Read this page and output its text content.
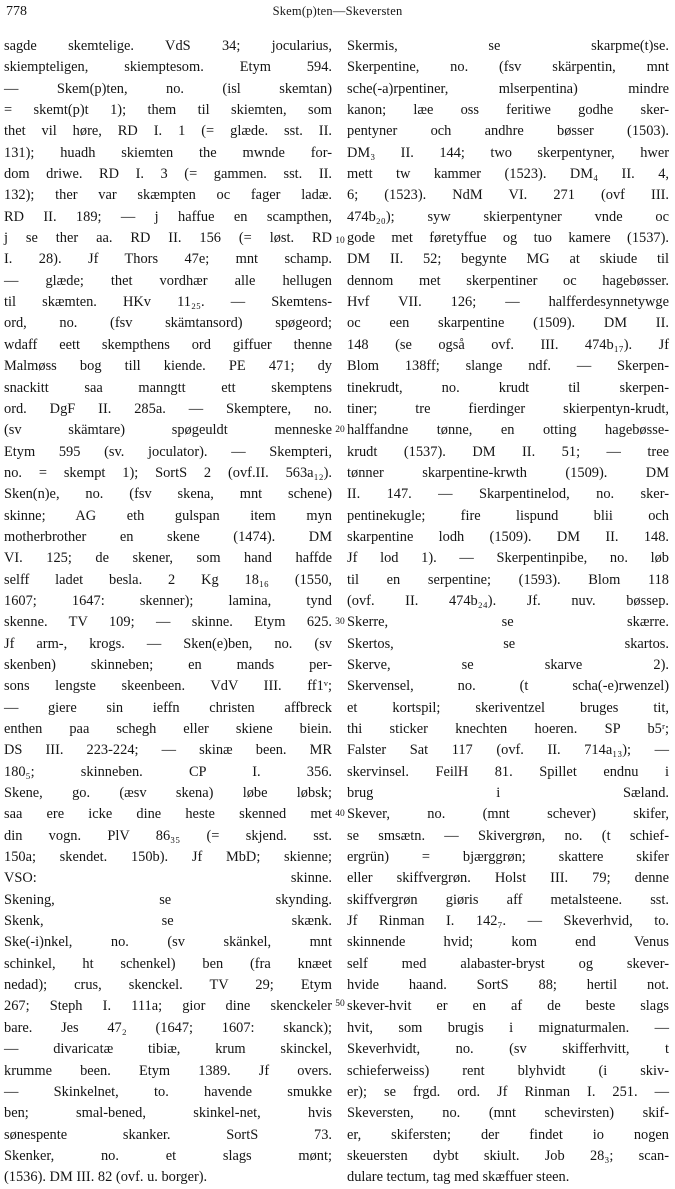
778	Skem(p)ten—Skeversten
sagde skemtelige. VdS 34; jocularius,
skiempteligen, skiemptesom. Etym 594.
— Skem(p)ten, no. (isl skemtan)
= skemt(p)t 1); them til skiemten, som
thet vil høre, RD I. 1 (= glæde. sst. II.
131); huadh skiemten the mwnde for-
dom driwe. RD I. 3 (= gammen. sst. II.
132); ther var skæmpten oc fager ladæ.
RD II. 189; — j haffue en scampthen,
j se ther aa. RD II. 156 (= løst. RD
I. 28). Jf Thors 47e; mnt schamp.
— glæde; thet vordhær alle hellugen
til skæmten. HKv 11₂₅. — Skemtens-
ord, no. (fsv skämtansord) spøgeord;
wdaff eett skempthens ord giffuer thenne
Malmøss bog till kiende. PE 471; dy
snackitt saa manngtt ett skemptens
ord. DgF II. 285a. — Skemptere, no.
(sv skämtare) spøgeuldt menneske
Etym 595 (sv. joculator). — Skempteri,
no. = skempt 1); SortS 2 (ovf.II. 563a₁₂).
Sken(n)e, no. (fsv skena, mnt schene)
skinne; AG eth gulspan item myn
motherbrother en skene (1474). DM
VI. 125; de skener, som hand haffde
selff ladet besla. 2 Kg 18₁₆ (1550,
1607; 1647: skenner); lamina, tynd
skenne. TV 109; — skinne. Etym 625.
Jf arm-, krogs. — Sken(e)ben, no. (sv
skenben) skinneben; en mands per-
sons lengste skeenbeen. VdV III. ff1ᵛ;
— giere sin ieffn christen affbreck
enthen paa schegh eller skiene biein.
DS III. 223-224; — skinæ been. MR
180₅; skinneben. CP I. 356.
Skene, go. (æsv skena) løbe løbsk;
saa ere icke dine heste skenned met
din vogn. PlV 86₃₅ (= skjend. sst.
150a; skendet. 150b). Jf MbD; skienne;
VSO: skinne.
Skening, se skynding.
Skenk, se skænk.
Ske(-i)nkel, no. (sv skänkel, mnt
schinkel, ht schenkel) ben (fra knæet
nedad); crus, skenckel. TV 29; Etym
267; Steph I. 111a; gior dine skenckeler
bare. Jes 47₂ (1647; 1607: skanck);
— divaricatæ tibiæ, krum skinckel,
krumme been. Etym 1389. Jf overs.
— Skinkelnet, to. havende smukke
ben; smal-bened, skinkel-net, hvis
sønespente skanker. SortS 73.
Skenker, no. et slags mønt;
(1536). DM III. 82 (ovf. u. borger).
10
20
30
40
50
Skermis, se skarpme(t)se.
Skerpentine, no. (fsv skärpentin, mnt
sche(-a)rpentiner, mlserpentina) mindre
kanon; læe oss feritiwe godhe sker-
pentyner och andhre bøsser (1503).
DM₃ II. 144; two skerpentyner, hwer
mett tw kammer (1523). DM₄ II. 4,
6; (1523). NdM VI. 271 (ovf III.
474b₂₀); syw skierpentyner vnde oc
gode met føretyffue og tuo kamere (1537).
DM II. 52; begynte MG at skiude til
dennom met skerpentiner oc hagebøsser.
Hvf VII. 126; — halfferdesynnetywge
oc een skarpentine (1509). DM II.
148 (se også ovf. III. 474b₁₇). Jf
Blom 138ff; slange ndf. — Skerpen-
tinekrudt, no. krudt til skerpen-
tiner; tre fierdinger skierpentyn-krudt,
halffandne tønne, en otting hagebøsse-
krudt (1537). DM II. 51; — tree
tønner skarpentine-krwth (1509). DM
II. 147. — Skarpentinelod, no. sker-
pentinekugle; fire lispund blii och
skarpentine lodh (1509). DM II. 148.
Jf lod 1). — Skerpentinpibe, no. løb
til en serpentine; (1593). Blom 118
(ovf. II. 474b₂₄). Jf. nuv. bøssep.
Skerre, se skærre.
Skertos, se skartos.
Skerve, se skarve 2).
Skervensel, no. (t scha(-e)rwenzel)
et kortspil; skeriventzel bruges tit,
thi sticker knechten hoeren. SP b5ʳ;
Falster Sat 117 (ovf. II. 714a₁₃); —
skervinsel. FeilH 81. Spillet endnu i
brug i Sæland.
Skever, no. (mnt schever) skifer,
se smsætn. — Skivergrøn, no. (t schief-
ergrün) = bjærggrøn; skattere skifer
eller skiffvergrøn. Holst III. 79; denne
skiffvergrøn giøris aff metalsteene. sst.
Jf Rinman I. 142₇. — Skeverhvid, to.
skinnende hvid; kom end Venus
self med alabaster-bryst og skever-
hvide haand. SortS 88; hertil not.
skever-hvit er en af de beste slags
hvit, som brugis i mignaturmalen. —
Skeverhvidt, no. (sv skifferhvitt, t
schieferweiss) rent blyhvidt (i skiv-
er); se frgd. ord. Jf Rinman I. 251. —
Skeversten, no. (mnt schevirsten) skif-
er, skifersten; der findet io nogen
skeuersten dybt skiult. Job 28₃; scan-
dulare tectum, tag med skæffuer steen.
